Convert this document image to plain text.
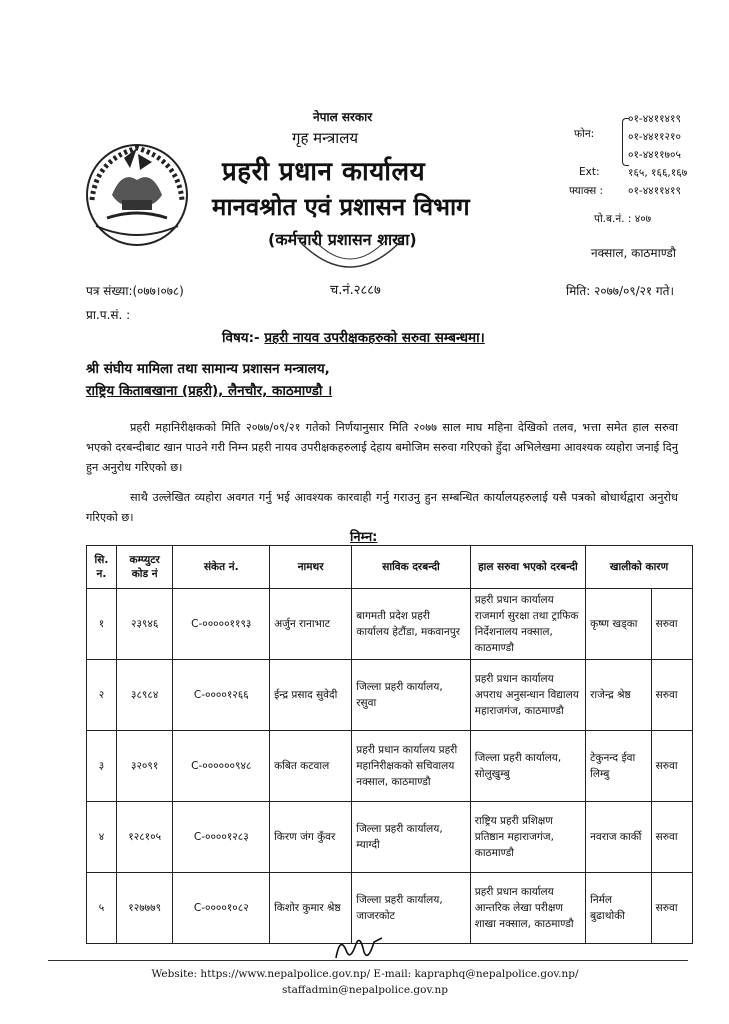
नेपाल सरकार
गृह मन्त्रालय
प्रहरी प्रधान कार्यालय
मानवश्रोत एवं प्रशासन विभाग
(कर्मचारी प्रशासन शाखा)
फोन:
०१-४४११४१९
०१-४४११२१०
०१-४४११७०५
Ext:	१६५, १६६,१६७
फ्याक्स : ०१-४४११४१९
पो.ब.नं. : ४०७
नक्साल, काठमाण्डौ
पत्र संख्या:(०७७।०७८)	च.नं.२८८७	मिति: २०७७/०९/२१ गते।
प्रा.प.सं. :
विषय:- प्रहरी नायव उपरीक्षकहरुको सरुवा सम्बन्धमा।
श्री संघीय मामिला तथा सामान्य प्रशासन मन्त्रालय,
राष्ट्रिय किताबखाना (प्रहरी), लैनचौर, काठमाण्डौ ।
प्रहरी महानिरीक्षकको मिति २०७७/०९/२१ गतेको निर्णयानुसार मिति २०७७ साल माघ महिना देखिको तलव, भत्ता समेत हाल सरुवा भएको दरबन्दीबाट खान पाउने गरी निम्न प्रहरी नायव उपरीक्षकहरुलाई देहाय बमोजिम सरुवा गरिएको हुँदा अभिलेखमा आवश्यक व्यहोरा जनाई दिनु हुन अनुरोध गरिएको छ।
साथै उल्लेखित व्यहोरा अवगत गर्नु भई आवश्यक कारवाही गर्नु गराउनु हुन सम्बन्धित कार्यालयहरुलाई यसै पत्रको बोधार्थद्वारा अनुरोध गरिएको छ।
निम्न:
सि. न.	कम्प्युटर कोड नं	संकेत नं.	नामथर	साविक दरबन्दी	हाल सरुवा भएको दरबन्दी	खालीको कारण	
१	२३९४६	C-०००००११९३	अर्जुन रानाभाट	बागमती प्रदेश प्रहरी कार्यालय हेटौंडा, मकवानपुर	प्रहरी प्रधान कार्यालय राजमार्ग सुरक्षा तथा ट्राफिक निर्देशनालय नक्साल, काठमाण्डौ	कृष्ण खड्का	सरुवा
२	३८९८४	C-००००१२६६	ईन्द्र प्रसाद सुवेदी	जिल्ला प्रहरी कार्यालय, रसुवा	प्रहरी प्रधान कार्यालय अपराध अनुसन्धान विद्यालय महाराजगंज, काठमाण्डौ	राजेन्द्र श्रेष्ठ	सरुवा
३	३२०९१	C-००००००९४८	कबित कटवाल	प्रहरी प्रधान कार्यालय प्रहरी महानिरीक्षकको सचिवालय नक्साल, काठमाण्डौ	जिल्ला प्रहरी कार्यालय, सोलुखुम्बु	टेकुनन्द ईवा लिम्बु	सरुवा
४	१२८१०५	C-००००१२८३	किरण जंग कुँवर	जिल्ला प्रहरी कार्यालय, म्याग्दी	राष्ट्रिय प्रहरी प्रशिक्षण प्रतिष्ठान महाराजगंज, काठमाण्डौ	नवराज कार्की	सरुवा
५	१२७७७९	C-००००१०८२	किशोर कुमार श्रेष्ठ	जिल्ला प्रहरी कार्यालय, जाजरकोट	प्रहरी प्रधान कार्यालय आन्तरिक लेखा परीक्षण शाखा नक्साल, काठमाण्डौ	निर्मल बुढाथोकी	सरुवा
Website: https://www.nepalpolice.gov.np/ E-mail: kapraphq@nepalpolice.gov.np/
staffadmin@nepalpolice.gov.np
